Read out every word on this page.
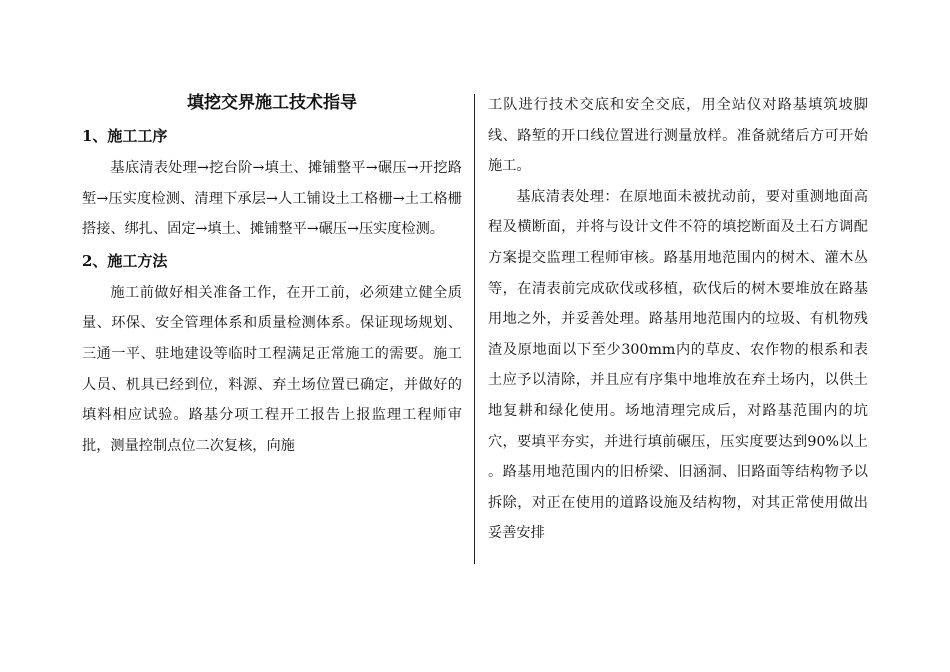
填挖交界施工技术指导

1、施工工序

基底清表处理→挖台阶→填土、摊铺整平→碾压→开挖路堑→压实度检测、清理下承层→人工铺设土工格栅→土工格栅搭接、绑扎、固定→填土、摊铺整平→碾压→压实度检测。

2、施工方法

施工前做好相关准备工作，在开工前，必须建立健全质量、环保、安全管理体系和质量检测体系。保证现场规划、三通一平、驻地建设等临时工程满足正常施工的需要。施工人员、机具已经到位，料源、弃土场位置已确定，并做好的填料相应试验。路基分项工程开工报告上报监理工程师审批，测量控制点位二次复核，向施

工队进行技术交底和安全交底，用全站仪对路基填筑坡脚线、路堑的开口线位置进行测量放样。准备就绪后方可开始施工。

基底清表处理：在原地面未被扰动前，要对重测地面高程及横断面，并将与设计文件不符的填挖断面及土石方调配方案提交监理工程师审核。路基用地范围内的树木、灌木丛等，在清表前完成砍伐或移植，砍伐后的树木要堆放在路基用地之外，并妥善处理。路基用地范围内的垃圾、有机物残渣及原地面以下至少300mm内的草皮、农作物的根系和表土应予以清除，并且应有序集中地堆放在弃土场内，以供土地复耕和绿化使用。场地清理完成后，对路基范围内的坑穴，要填平夯实，并进行填前碾压，压实度要达到90%以上 。路基用地范围内的旧桥梁、旧涵洞、旧路面等结构物予以拆除，对正在使用的道路设施及结构物，对其正常使用做出妥善安排
